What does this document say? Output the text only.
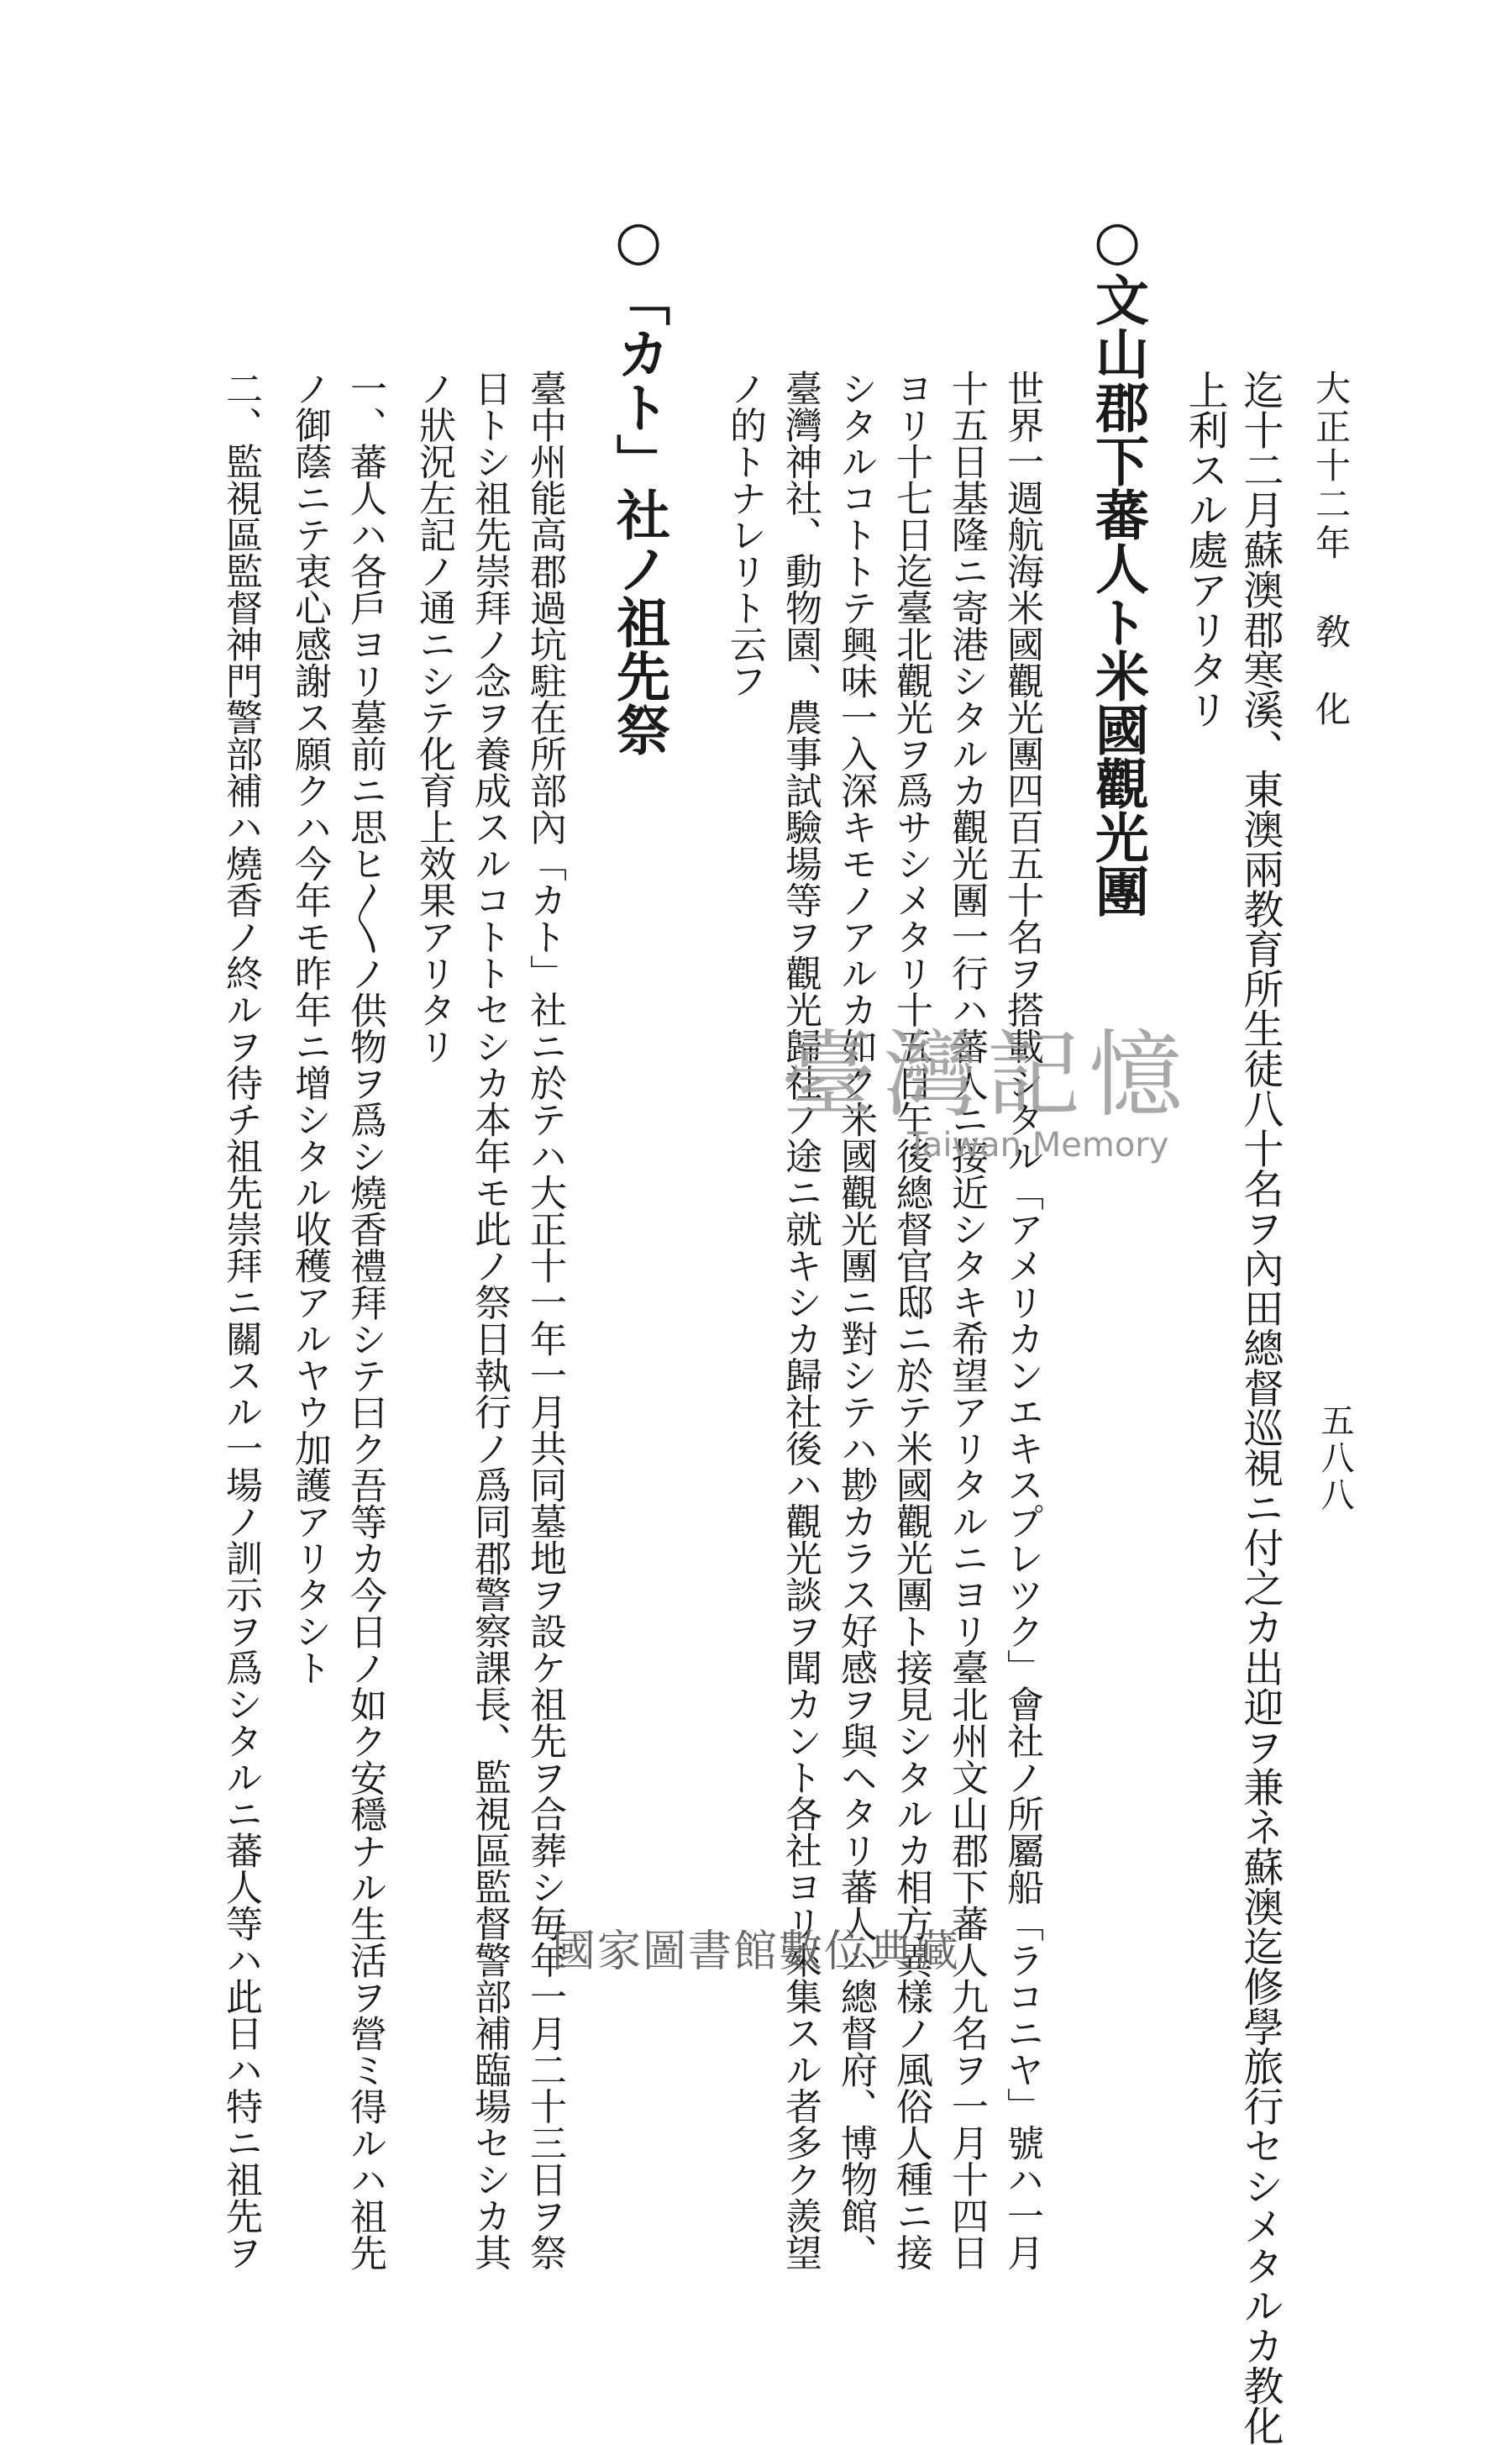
大正十二年敎　化
五八八
迄十二月蘇澳郡寒溪、東澳兩教育所生徒八十名ヲ內田總督巡視ニ付之カ出迎ヲ兼ネ蘇澳迄修學旅行セシメタルカ教化
上利スル處アリタリ
○文山郡下蕃人ト米國觀光團
世界一週航海米國觀光團四百五十名ヲ搭載シタル「アメリカンエキスプレツク」會社ノ所屬船「ラコニヤ」號ハ一月
十五日基隆ニ寄港シタルカ觀光團一行ハ蕃人ニ接近シタキ希望アリタルニヨリ臺北州文山郡下蕃人九名ヲ一月十四日
ヨリ十七日迄臺北觀光ヲ爲サシメタリ十五日午後總督官邸ニ於テ米國觀光團ト接見シタルカ相方異樣ノ風俗人種ニ接
シタルコトトテ興味一入深キモノアルカ如ク米國觀光團ニ對シテハ尠カラス好感ヲ與ヘタリ蕃人ハ總督府、博物館、
臺灣神社、動物園、農事試驗場等ヲ觀光歸社ノ途ニ就キシカ歸社後ハ觀光談ヲ聞カント各社ヨリ來集スル者多ク羨望
ノ的トナレリト云フ
○「カト」社ノ祖先祭
臺中州能高郡過坑駐在所部內「カト」社ニ於テハ大正十一年一月共同墓地ヲ設ケ祖先ヲ合葬シ毎年一月二十三日ヲ祭
日トシ祖先崇拜ノ念ヲ養成スルコトトセシカ本年モ此ノ祭日執行ノ爲同郡警察課長、監視區監督警部補臨場セシカ其
ノ狀況左記ノ通ニシテ化育上效果アリタリ
一、蕃人ハ各戶ヨリ墓前ニ思ヒ〳〵ノ供物ヲ爲シ燒香禮拜シテ曰ク吾等カ今日ノ如ク安穩ナル生活ヲ營ミ得ルハ祖先
ノ御蔭ニテ衷心感謝ス願クハ今年モ昨年ニ增シタル收穫アルヤウ加護アリタシト
二、監視區監督神門警部補ハ燒香ノ終ルヲ待チ祖先崇拜ニ關スル一場ノ訓示ヲ爲シタルニ蕃人等ハ此日ハ特ニ祖先ヲ	臺灣記憶
Taiwan Memory
國家圖書館數位典藏
